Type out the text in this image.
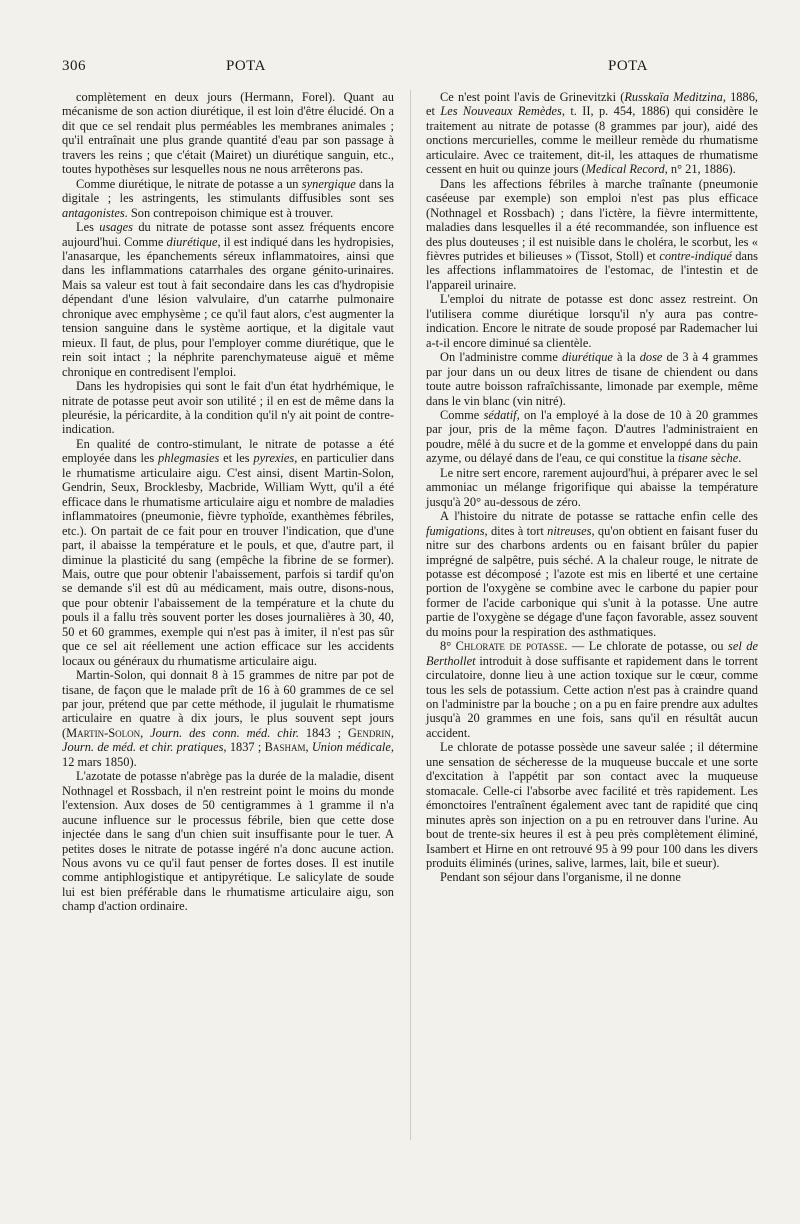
306	POTA	POTA

complètement en deux jours (Hermann, Forel). Quant au mécanisme de son action diurétique, il est loin d'être élucidé. On a dit que ce sel rendait plus perméables les membranes animales ; qu'il entraînait une plus grande quantité d'eau par son passage à travers les reins ; que c'était (Mairet) un diurétique sanguin, etc., toutes hypothèses sur lesquelles nous ne nous arrêterons pas.

Comme diurétique, le nitrate de potasse a un synergique dans la digitale ; les astringents, les stimulants diffusibles sont ses antagonistes. Son contrepoison chimique est à trouver.

Les usages du nitrate de potasse sont assez fréquents encore aujourd'hui. Comme diurétique, il est indiqué dans les hydropisies, l'anasarque, les épanchements séreux inflammatoires, ainsi que dans les inflammations catarrhales des organe génito-urinaires. Mais sa valeur est tout à fait secondaire dans les cas d'hydropisie dépendant d'une lésion valvulaire, d'un catarrhe pulmonaire chronique avec emphysème ; ce qu'il faut alors, c'est augmenter la tension sanguine dans le système aortique, et la digitale vaut mieux. Il faut, de plus, pour l'employer comme diurétique, que le rein soit intact ; la néphrite parenchymateuse aiguë et même chronique en contredisent l'emploi.

Dans les hydropisies qui sont le fait d'un état hydrhémique, le nitrate de potasse peut avoir son utilité ; il en est de même dans la pleurésie, la péricardite, à la condition qu'il n'y ait point de contre-indication.

En qualité de contro-stimulant, le nitrate de potasse a été employée dans les phlegmasies et les pyrexies, en particulier dans le rhumatisme articulaire aigu. C'est ainsi, disent Martin-Solon, Gendrin, Seux, Brocklesby, Macbride, William Wytt, qu'il a été efficace dans le rhumatisme articulaire aigu et nombre de maladies inflammatoires (pneumonie, fièvre typhoïde, exanthèmes fébriles, etc.). On partait de ce fait pour en trouver l'indication, que d'une part, il abaisse la température et le pouls, et que, d'autre part, il diminue la plasticité du sang (empêche la fibrine de se former). Mais, outre que pour obtenir l'abaissement, parfois si tardif qu'on se demande s'il est dû au médicament, mais outre, disons-nous, que pour obtenir l'abaissement de la température et la chute du pouls il a fallu très souvent porter les doses journalières à 30, 40, 50 et 60 grammes, exemple qui n'est pas à imiter, il n'est pas sûr que ce sel ait réellement une action efficace sur les accidents locaux ou généraux du rhumatisme articulaire aigu.

Martin-Solon, qui donnait 8 à 15 grammes de nitre par pot de tisane, de façon que le malade prît de 16 à 60 grammes de ce sel par jour, prétend que par cette méthode, il jugulait le rhumatisme articulaire en quatre à dix jours, le plus souvent sept jours (Martin-Solon, Journ. des conn. méd. chir. 1843 ; Gendrin, Journ. de méd. et chir. pratiques, 1837 ; Basham, Union médicale, 12 mars 1850).

L'azotate de potasse n'abrège pas la durée de la maladie, disent Nothnagel et Rossbach, il n'en restreint point le moins du monde l'extension. Aux doses de 50 centigrammes à 1 gramme il n'a aucune influence sur le processus fébrile, bien que cette dose injectée dans le sang d'un chien suit insuffisante pour le tuer. A petites doses le nitrate de potasse ingéré n'a donc aucune action. Nous avons vu ce qu'il faut penser de fortes doses. Il est inutile comme antiphlogistique et antipyrétique. Le salicylate de soude lui est bien préférable dans le rhumatisme articulaire aigu, son champ d'action ordinaire.

Ce n'est point l'avis de Grinevitzki (Russkaïa Meditzina, 1886, et Les Nouveaux Remèdes, t. II, p. 454, 1886) qui considère le traitement au nitrate de potasse (8 grammes par jour), aidé des onctions mercurielles, comme le meilleur remède du rhumatisme articulaire. Avec ce traitement, dit-il, les attaques de rhumatisme cessent en huit ou quinze jours (Medical Record, n° 21, 1886).

Dans les affections fébriles à marche traînante (pneumonie caséeuse par exemple) son emploi n'est pas plus efficace (Nothnagel et Rossbach) ; dans l'ictère, la fièvre intermittente, maladies dans lesquelles il a été recommandée, son influence est des plus douteuses ; il est nuisible dans le choléra, le scorbut, les « fièvres putrides et bilieuses » (Tissot, Stoll) et contre-indiqué dans les affections inflammatoires de l'estomac, de l'intestin et de l'appareil urinaire.

L'emploi du nitrate de potasse est donc assez restreint. On l'utilisera comme diurétique lorsqu'il n'y aura pas contre-indication. Encore le nitrate de soude proposé par Rademacher lui a-t-il encore diminué sa clientèle.

On l'administre comme diurétique à la dose de 3 à 4 grammes par jour dans un ou deux litres de tisane de chiendent ou dans toute autre boisson rafraîchissante, limonade par exemple, même dans le vin blanc (vin nitré).

Comme sédatif, on l'a employé à la dose de 10 à 20 grammes par jour, pris de la même façon. D'autres l'administraient en poudre, mêlé à du sucre et de la gomme et enveloppé dans du pain azyme, ou délayé dans de l'eau, ce qui constitue la tisane sèche.

Le nitre sert encore, rarement aujourd'hui, à préparer avec le sel ammoniac un mélange frigorifique qui abaisse la température jusqu'à 20° au-dessous de zéro.

A l'histoire du nitrate de potasse se rattache enfin celle des fumigations, dites à tort nitreuses, qu'on obtient en faisant fuser du nitre sur des charbons ardents ou en faisant brûler du papier imprégné de salpêtre, puis séché. A la chaleur rouge, le nitrate de potasse est décomposé ; l'azote est mis en liberté et une certaine portion de l'oxygène se combine avec le carbone du papier pour former de l'acide carbonique qui s'unit à la potasse. Une autre partie de l'oxygène se dégage d'une façon favorable, assez souvent du moins pour la respiration des asthmatiques.

8° Chlorate de potasse. — Le chlorate de potasse, ou sel de Berthollet introduit à dose suffisante et rapidement dans le torrent circulatoire, donne lieu à une action toxique sur le cœur, comme tous les sels de potassium. Cette action n'est pas à craindre quand on l'administre par la bouche ; on a pu en faire prendre aux adultes jusqu'à 20 grammes en une fois, sans qu'il en résultât aucun accident.

Le chlorate de potasse possède une saveur salée ; il détermine une sensation de sécheresse de la muqueuse buccale et une sorte d'excitation à l'appétit par son contact avec la muqueuse stomacale. Celle-ci l'absorbe avec facilité et très rapidement. Les émonctoires l'entraînent également avec tant de rapidité que cinq minutes après son injection on a pu en retrouver dans l'urine. Au bout de trente-six heures il est à peu près complètement éliminé, Isambert et Hirne en ont retrouvé 95 à 99 pour 100 dans les divers produits éliminés (urines, salive, larmes, lait, bile et sueur).

Pendant son séjour dans l'organisme, il ne donne
